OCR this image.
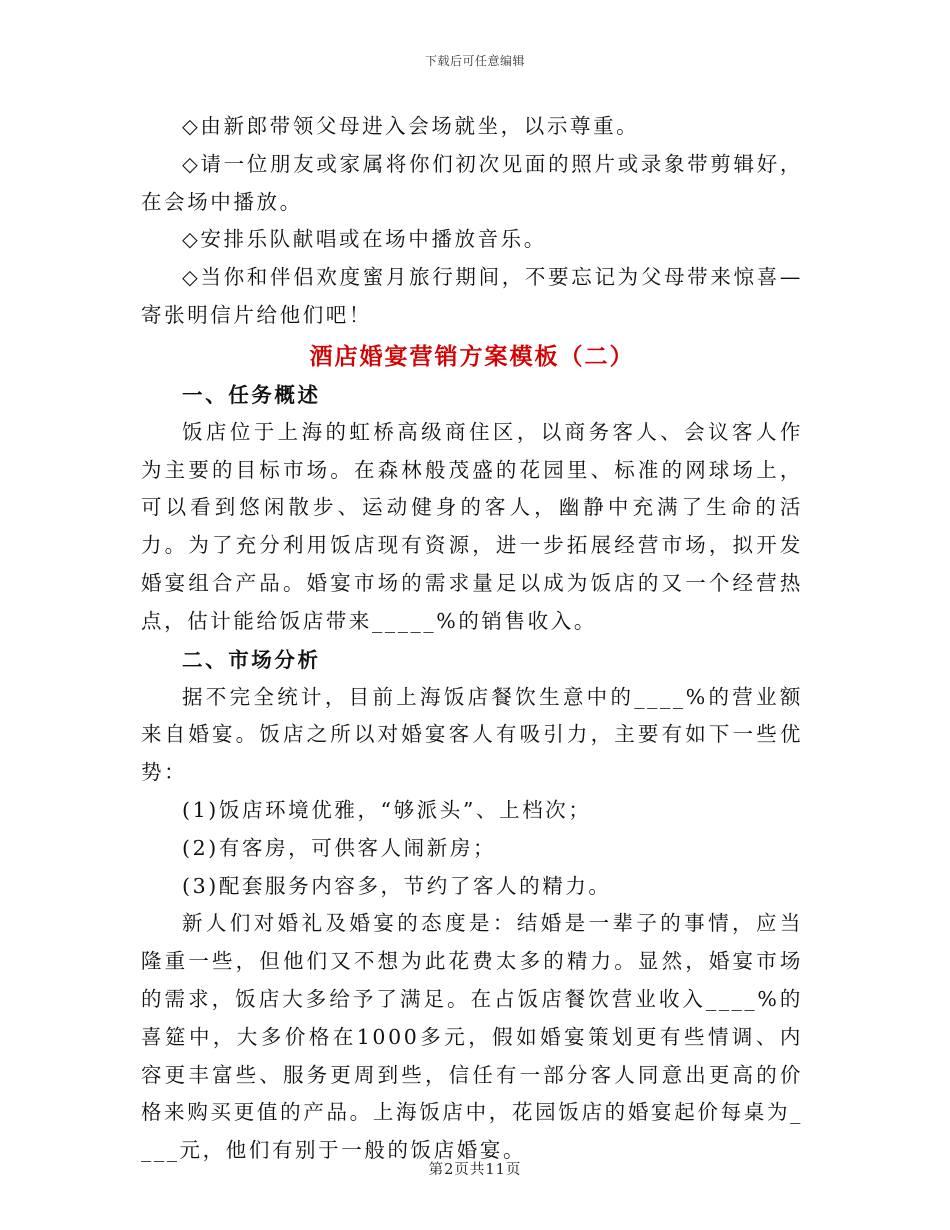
下载后可任意编辑

◇由新郎带领父母进入会场就坐，以示尊重。

◇请一位朋友或家属将你们初次见面的照片或录象带剪辑好，在会场中播放。

◇安排乐队献唱或在场中播放音乐。

◇当你和伴侣欢度蜜月旅行期间，不要忘记为父母带来惊喜—寄张明信片给他们吧！

酒店婚宴营销方案模板（二）
一、任务概述

饭店位于上海的虹桥高级商住区，以商务客人、会议客人作为主要的目标市场。在森林般茂盛的花园里、标准的网球场上，可以看到悠闲散步、运动健身的客人，幽静中充满了生命的活力。为了充分利用饭店现有资源，进一步拓展经营市场，拟开发婚宴组合产品。婚宴市场的需求量足以成为饭店的又一个经营热点，估计能给饭店带来_____%的销售收入。

二、市场分析

据不完全统计，目前上海饭店餐饮生意中的____%的营业额来自婚宴。饭店之所以对婚宴客人有吸引力，主要有如下一些优势：

(1)饭店环境优雅，“够派头”、上档次；

(2)有客房，可供客人闹新房；

(3)配套服务内容多，节约了客人的精力。

新人们对婚礼及婚宴的态度是：结婚是一辈子的事情，应当隆重一些，但他们又不想为此花费太多的精力。显然，婚宴市场的需求，饭店大多给予了满足。在占饭店餐饮营业收入____%的喜筵中，大多价格在1000多元，假如婚宴策划更有些情调、内容更丰富些、服务更周到些，信任有一部分客人同意出更高的价格来购买更值的产品。上海饭店中，花园饭店的婚宴起价每桌为____元，他们有别于一般的饭店婚宴。

第2页共11页
